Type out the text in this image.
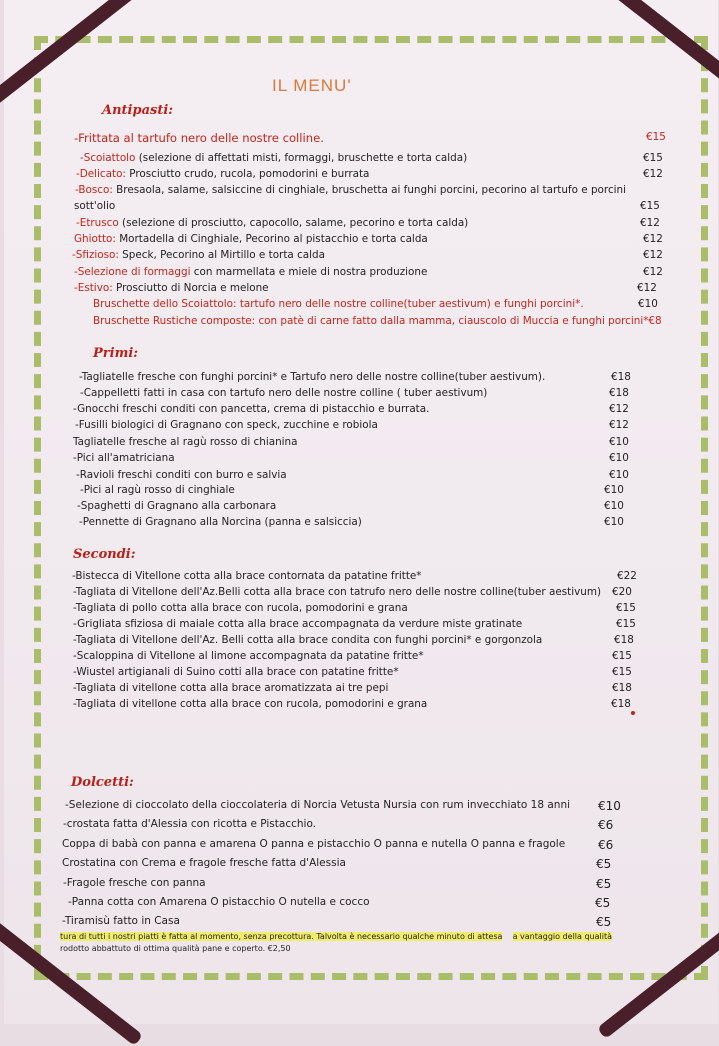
IL MENU'
Antipasti:
Primi:
Secondi:
Dolcetti:
-Frittata al tartufo nero delle nostre colline.	€15
-Scoiattolo (selezione di affettati misti, formaggi, bruschette e torta calda)	€15
-Delicato: Prosciutto crudo, rucola, pomodorini e burrata	€12
-Bosco: Bresaola, salame, salsiccine di cinghiale, bruschetta ai funghi porcini, pecorino al tartufo e porcini
sott'olio	€15
-Etrusco (selezione di prosciutto, capocollo, salame, pecorino e torta calda)	€12
Ghiotto: Mortadella di Cinghiale, Pecorino al pistacchio e torta calda	€12
-Sfizioso: Speck, Pecorino al Mirtillo e torta calda	€12
-Selezione di formaggi con marmellata e miele di nostra produzione	€12
-Estivo: Prosciutto di Norcia e melone	€12
Bruschette dello Scoiattolo: tartufo nero delle nostre colline(tuber aestivum) e funghi porcini*.	€10
Bruschette Rustiche composte: con patè di carne fatto dalla mamma, ciauscolo di Muccia e funghi porcini*€8
-Tagliatelle fresche con funghi porcini* e Tartufo nero delle nostre colline(tuber aestivum).	€18
-Cappelletti fatti in casa con tartufo nero delle nostre colline ( tuber aestivum)	€18
-Gnocchi freschi conditi con pancetta, crema di pistacchio e burrata.	€12
-Fusilli biologici di Gragnano con speck, zucchine e robiola	€12
Tagliatelle fresche al ragù rosso di chianina	€10
-Pici all'amatriciana	€10
-Ravioli freschi conditi con burro e salvia	€10
-Pici al ragù rosso di cinghiale	€10
-Spaghetti di Gragnano alla carbonara	€10
-Pennette di Gragnano alla Norcina (panna e salsiccia)	€10
-Bistecca di Vitellone cotta alla brace contornata da patatine fritte*	€22
-Tagliata di Vitellone dell'Az.Belli cotta alla brace con tatrufo nero delle nostre colline(tuber aestivum) €20
-Tagliata di pollo cotta alla brace con rucola, pomodorini e grana	€15
-Grigliata sfiziosa di maiale cotta alla brace accompagnata da verdure miste gratinate	€15
-Tagliata di Vitellone dell'Az. Belli cotta alla brace condita con funghi porcini* e gorgonzola	€18
-Scaloppina di Vitellone al limone accompagnata da patatine fritte*	€15
-Wiustel artigianali di Suino cotti alla brace con patatine fritte*	€15
-Tagliata di vitellone cotta alla brace aromatizzata ai tre pepi	€18
-Tagliata di vitellone cotta alla brace con rucola, pomodorini e grana	€18
-Selezione di cioccolato della cioccolateria di Norcia Vetusta Nursia con rum invecchiato 18 anni €10
-crostata fatta d'Alessia con ricotta e Pistacchio.	€6
Coppa di babà con panna e amarena O panna e pistacchio O panna e nutella O panna e fragole	€6
Crostatina con Crema e fragole fresche fatta d'Alessia	€5
-Fragole fresche con panna	€5
-Panna cotta con Amarena O pistacchio O nutella e cocco	€5
-Tiramisù fatto in Casa	€5
tura di tutti i nostri piatti è fatta al momento, senza precottura. Talvolta è necessario qualche minuto di attesa a vantaggio della qualità
rodotto abbattuto di ottima qualità pane e coperto. €2,50
